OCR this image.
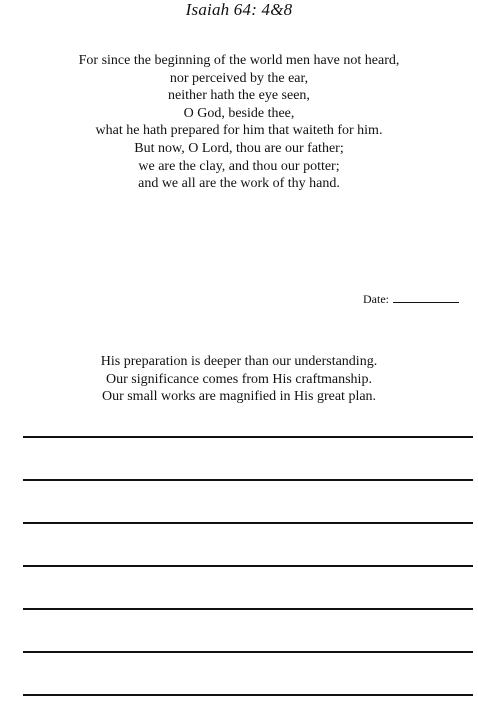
Isaiah 64: 4&8
For since the beginning of the world men have not heard,
nor perceived by the ear,
neither hath the eye seen,
O God, beside thee,
what he hath prepared for him that waiteth for him.
But now, O Lord, thou are our father;
we are the clay, and thou our potter;
and we all are the work of thy hand.
Date:
His preparation is deeper than our understanding.
Our significance comes from His craftmanship.
Our small works are magnified in His great plan.
